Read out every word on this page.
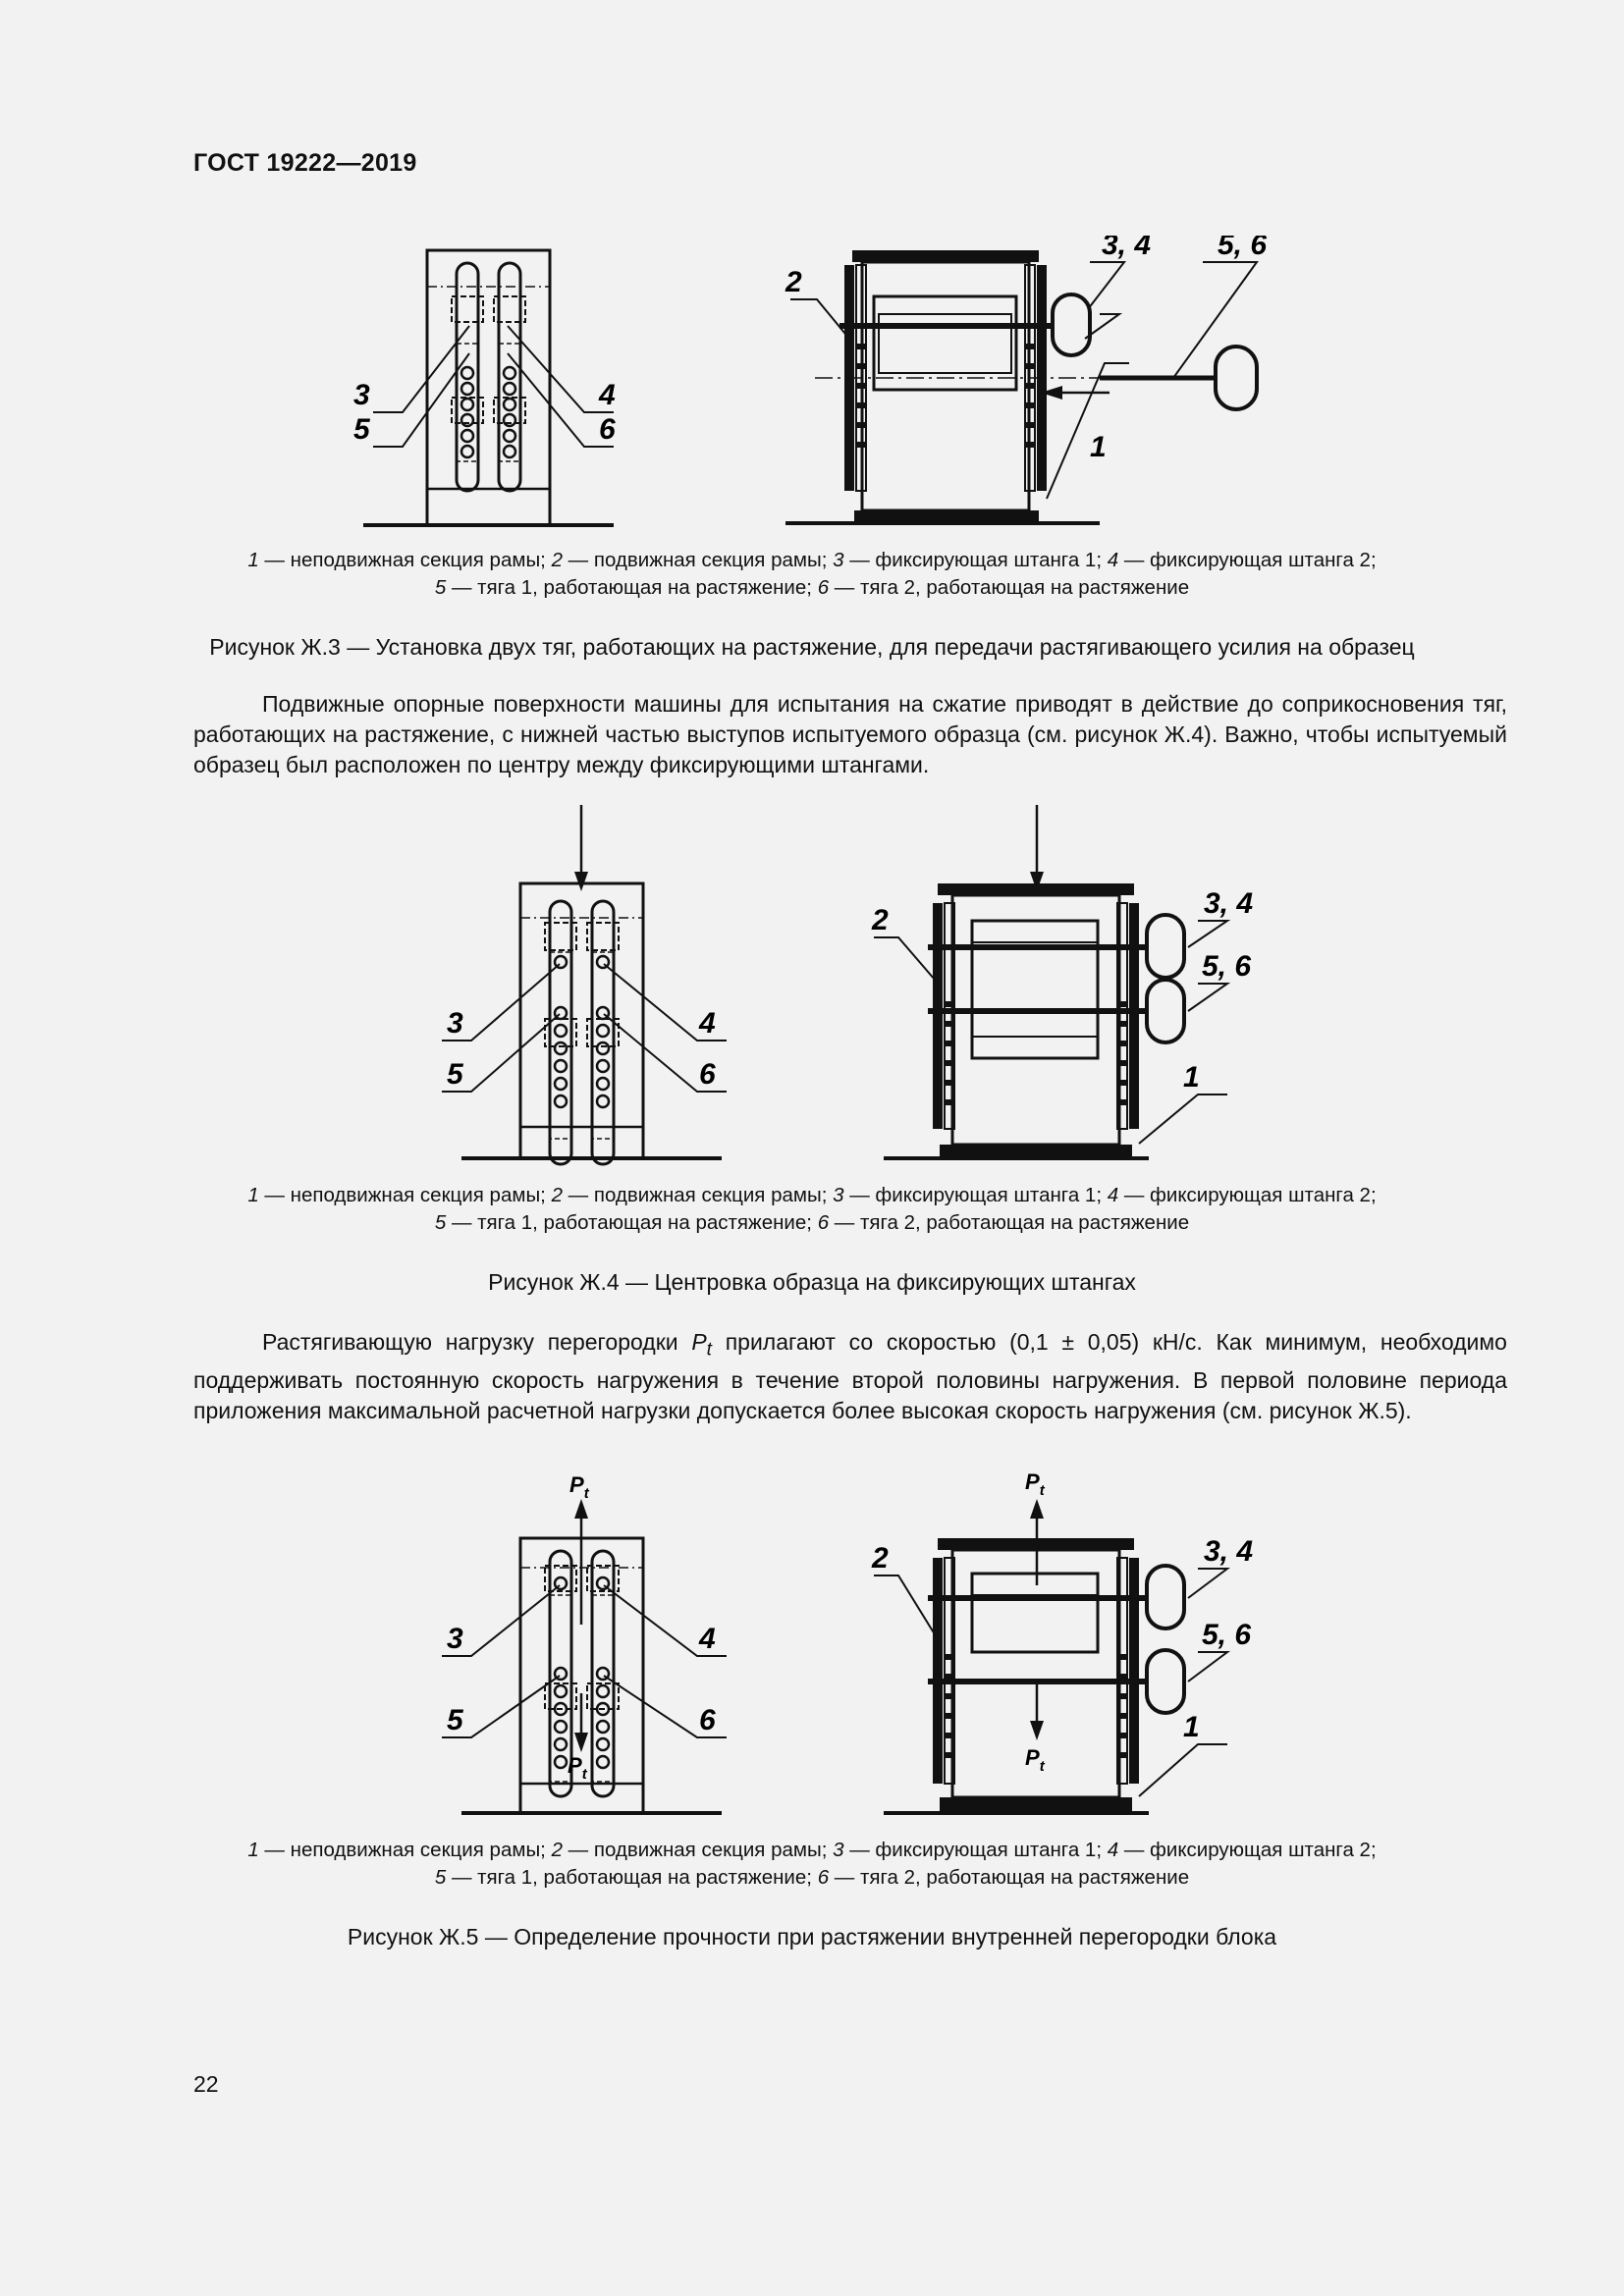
ГОСТ 19222—2019
3
5
4
6
2
3, 4 5, 6
1
1 — неподвижная секция рамы; 2 — подвижная секция рамы; 3 — фиксирующая штанга 1; 4 — фиксирующая штанга 2;
5 — тяга 1, работающая на растяжение; 6 — тяга 2, работающая на растяжение
Рисунок Ж.3 — Установка двух тяг, работающих на растяжение, для передачи растягивающего усилия на образец
Подвижные опорные поверхности машины для испытания на сжатие приводят в действие до соприкосновения тяг, работающих на растяжение, с нижней частью выступов испытуемого образца (см. рисунок Ж.4). Важно, чтобы испытуемый образец был расположен по центру между фиксирующими штангами.
3
5
4
6
2
3, 4
5, 6
1
1 — неподвижная секция рамы; 2 — подвижная секция рамы; 3 — фиксирующая штанга 1; 4 — фиксирующая штанга 2;
5 — тяга 1, работающая на растяжение; 6 — тяга 2, работающая на растяжение
Рисунок Ж.4 — Центровка образца на фиксирующих штангах
Растягивающую нагрузку перегородки $P_t$ прилагают со скоростью (0,1 ± 0,05) кН/с. Как минимум, необходимо поддерживать постоянную скорость нагружения в течение второй половины нагружения. В первой половине периода приложения максимальной расчетной нагрузки допускается более высокая скорость нагружения (см. рисунок Ж.5).
$P_t$
$P_t$
3
5
4
6
$P_t$
$P_t$
2	3, 4
5, 6
1
1 — неподвижная секция рамы; 2 — подвижная секция рамы; 3 — фиксирующая штанга 1; 4 — фиксирующая штанга 2;
5 — тяга 1, работающая на растяжение; 6 — тяга 2, работающая на растяжение
Рисунок Ж.5 — Определение прочности при растяжении внутренней перегородки блока
22
